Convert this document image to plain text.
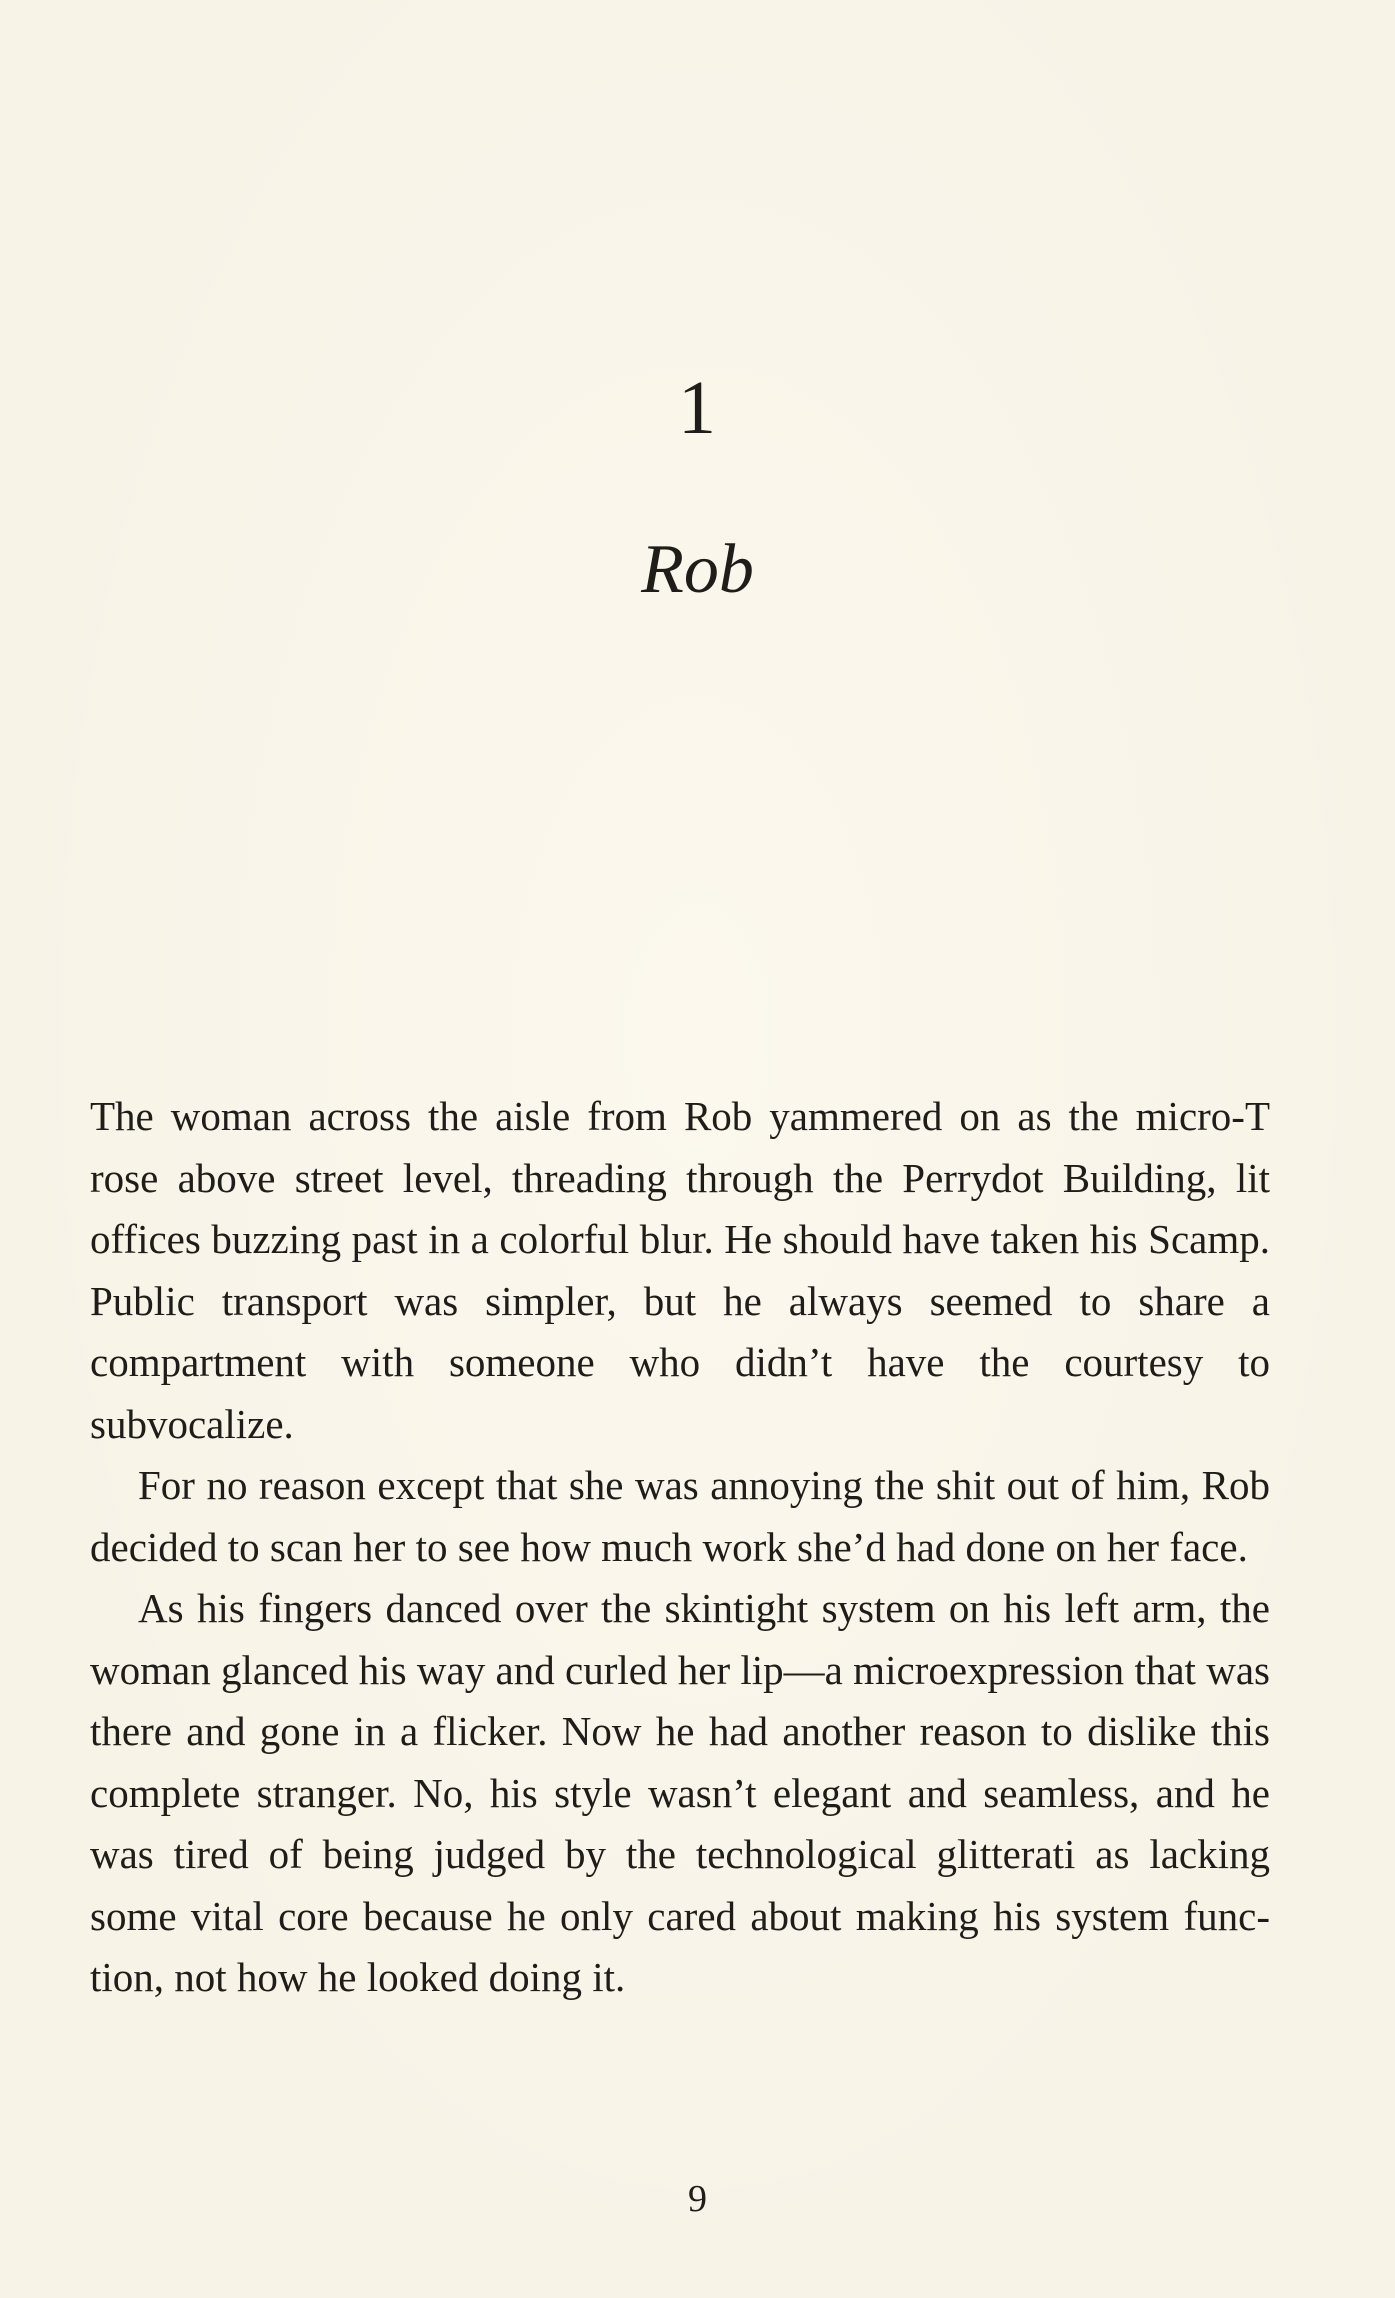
1
Rob

The woman across the aisle from Rob yammered on as the micro-T rose above street level, threading through the Perrydot Building, lit offices buzzing past in a colorful blur. He should have taken his Scamp. Public transport was simpler, but he always seemed to share a compartment with someone who didn’t have the courtesy to subvocalize.

For no reason except that she was annoying the shit out of him, Rob decided to scan her to see how much work she’d had done on her face.

As his fingers danced over the skintight system on his left arm, the woman glanced his way and curled her lip—a microexpression that was there and gone in a flicker. Now he had another reason to dislike this complete stranger. No, his style wasn’t elegant and seamless, and he was tired of being judged by the technological glitterati as lacking some vital core because he only cared about making his system function, not how he looked doing it.

9
